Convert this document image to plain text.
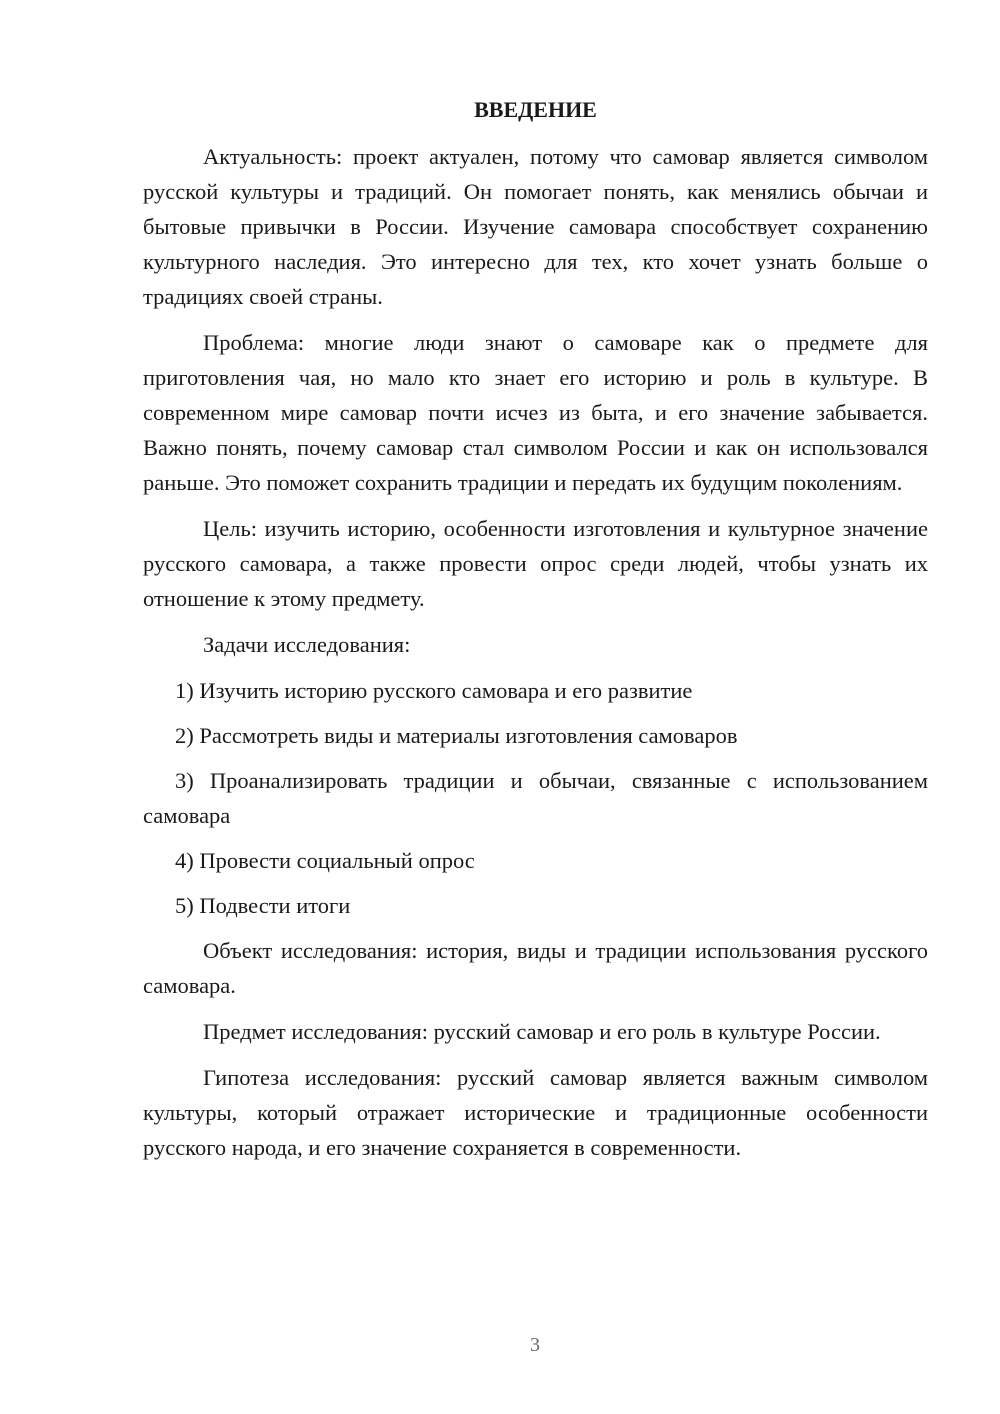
ВВЕДЕНИЕ

Актуальность: проект актуален, потому что самовар является символом русской культуры и традиций. Он помогает понять, как менялись обычаи и бытовые привычки в России. Изучение самовара способствует сохранению культурного наследия. Это интересно для тех, кто хочет узнать больше о традициях своей страны.

Проблема: многие люди знают о самоваре как о предмете для приготовления чая, но мало кто знает его историю и роль в культуре. В современном мире самовар почти исчез из быта, и его значение забывается. Важно понять, почему самовар стал символом России и как он использовался раньше. Это поможет сохранить традиции и передать их будущим поколениям.

Цель: изучить историю, особенности изготовления и культурное значение русского самовара, а также провести опрос среди людей, чтобы узнать их отношение к этому предмету.

Задачи исследования:

1) Изучить историю русского самовара и его развитие

2) Рассмотреть виды и материалы изготовления самоваров

3) Проанализировать традиции и обычаи, связанные с использованием самовара

4) Провести социальный опрос

5) Подвести итоги

Объект исследования: история, виды и традиции использования русского самовара.

Предмет исследования: русский самовар и его роль в культуре России.

Гипотеза исследования: русский самовар является важным символом культуры, который отражает исторические и традиционные особенности русского народа, и его значение сохраняется в современности.

3
